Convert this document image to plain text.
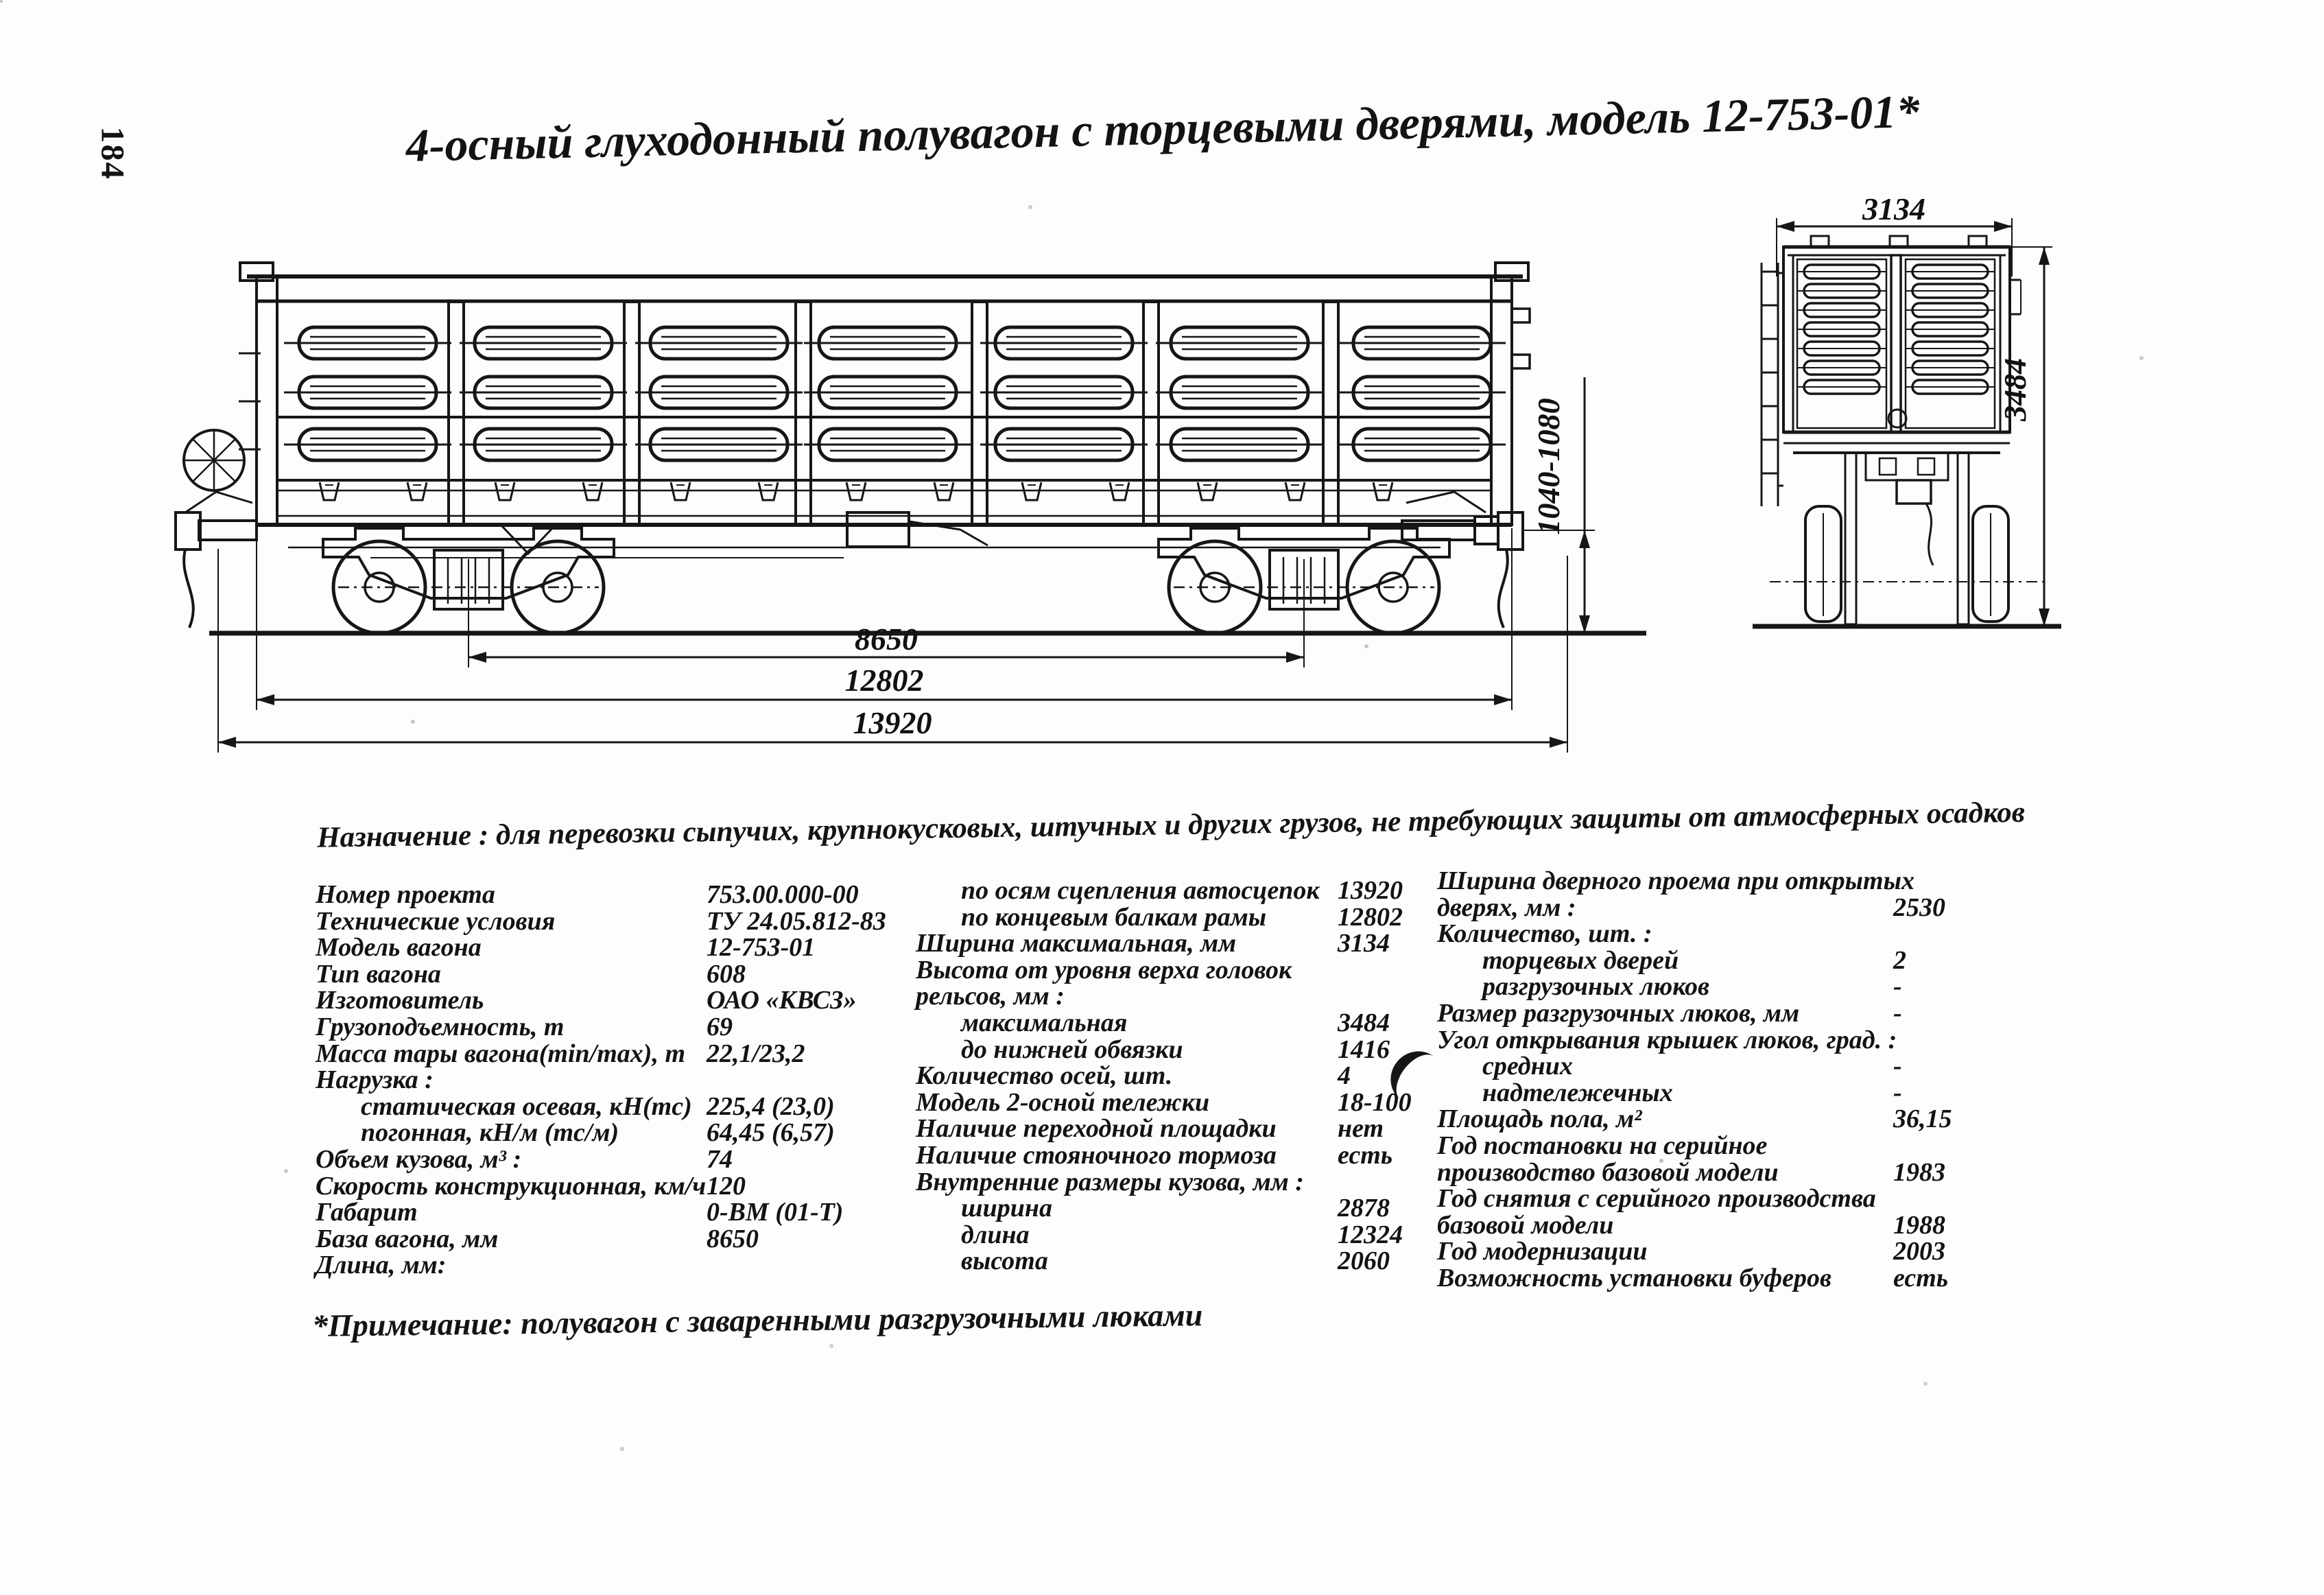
184	4-осный глуходонный полувагон с торцевыми дверями, модель 12-753-01*
8650
12802
13920
1040-1080
3134
3484
Назначение : для перевозки сыпучих, крупнокусковых, штучных и других грузов, не требующих защиты от атмосферных осадков
Номер проекта	753.00.000-00
Технические условия	ТУ 24.05.812-83
Модель вагона	12-753-01
Тип вагона	608
Изготовитель	ОАО «КВСЗ»
Грузоподъемность, т	69
Масса тары вагона(min/max), т 22,1/23,2
Нагрузка :
статическая осевая, кН(тс) 225,4 (23,0)
погонная, кН/м (тс/м)	64,45 (6,57)
Объем кузова, м³ :	74
Скорость конструкционная, км/ч 120
Габарит	0-ВМ (01-Т)
База вагона, мм	8650
Длина, мм:
по осям сцепления автосцепок 13920
по концевым балкам рамы	12802
Ширина максимальная, мм	3134
Высота от уровня верха головок
рельсов, мм :
максимальная	3484
до нижней обвязки	1416
Количество осей, шт.	4
Модель 2-осной тележки	18-100
Наличие переходной площадки	нет
Наличие стояночного тормоза	есть
Внутренние размеры кузова, мм :
ширина	2878
длина	12324
высота	2060
Ширина дверного проема при открытых
дверях, мм :	2530
Количество, шт. :
торцевых дверей	2
разгрузочных люков	-
Размер разгрузочных люков, мм	-
Угол открывания крышек люков, град. :
средних	-
надтележечных	-
Площадь пола, м²	36,15
Год постановки на серийное
производство базовой модели	1983
Год снятия с серийного производства
базовой модели	1988
Год модернизации	2003
Возможность установки буферов	есть
*Примечание: полувагон с заваренными разгрузочными люками
